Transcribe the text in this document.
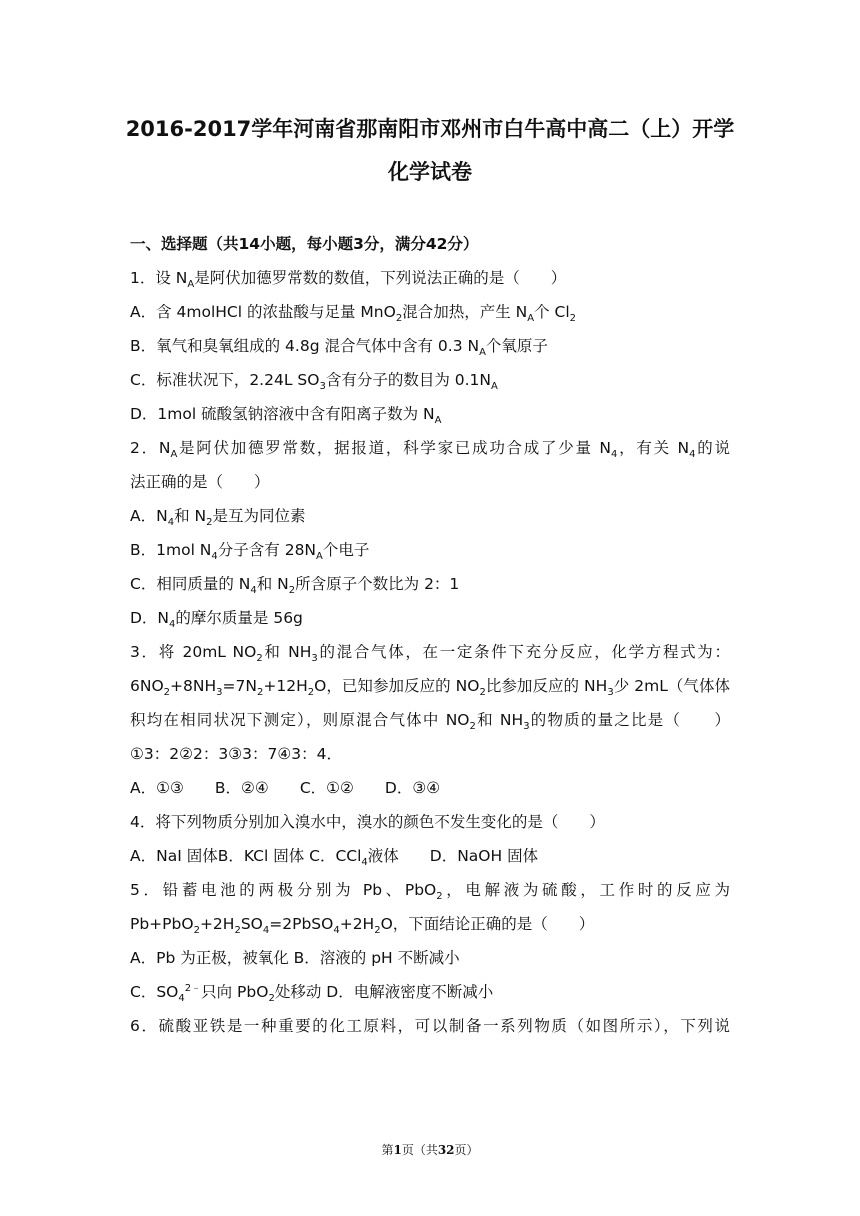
2016-2017学年河南省那南阳市邓州市白牛高中高二（上）开学
化学试卷
一、选择题（共14小题，每小题3分，满分42分）
1．设 $N_A$是阿伏加德罗常数的数值，下列说法正确的是（　　）
A．含 4molHCl 的浓盐酸与足量 MnO$_2$混合加热，产生 $N_A$个 $Cl_2$
B．氧气和臭氧组成的 4.8g 混合气体中含有 0.3 $N_A$个氧原子
C．标准状况下，2.24L $SO_3$含有分子的数目为 $0.1N_A$
D．1mol 硫酸氢钠溶液中含有阳离子数为 $N_A$
2．$N_A$是阿伏加德罗常数，据报道，科学家已成功合成了少量 $N_4$，有关 $N_4$的说
法正确的是（　　）
A．$N_4$和 $N_2$是互为同位素
B．1mol $N_4$分子含有 $28N_A$个电子
C．相同质量的 $N_4$和 $N_2$所含原子个数比为 2：1
D．$N_4$的摩尔质量是 56g
3．将 20mL $NO_2$和 $NH_3$的混合气体，在一定条件下充分反应，化学方程式为：
$6NO_2+8NH_3=7N_2+12H_2O$，已知参加反应的 $NO_2$比参加反应的 $NH_3$少 2mL（气体体
积均在相同状况下测定），则原混合气体中 $NO_2$和 $NH_3$的物质的量之比是（　　）
①3：2②2：3③3：7④3：4．
A．①③　　B．②④　　C．①②　　D．③④
4．将下列物质分别加入溴水中，溴水的颜色不发生变化的是（　　）
A．NaI 固体B．KCl 固体 C．CCl$_4$液体　　D．NaOH 固体
5．铅蓄电池的两极分别为 Pb、PbO$_2$，电解液为硫酸，工作时的反应为
$Pb+PbO_2+2H_2SO_4=2PbSO_4+2H_2O$，下面结论正确的是（　　）
A．Pb 为正极，被氧化 B．溶液的 pH 不断减小
C．$SO_4^{2﹣}$只向 PbO$_2$处移动 D．电解液密度不断减小
6．硫酸亚铁是一种重要的化工原料，可以制备一系列物质（如图所示），下列说
第1页（共32页）
